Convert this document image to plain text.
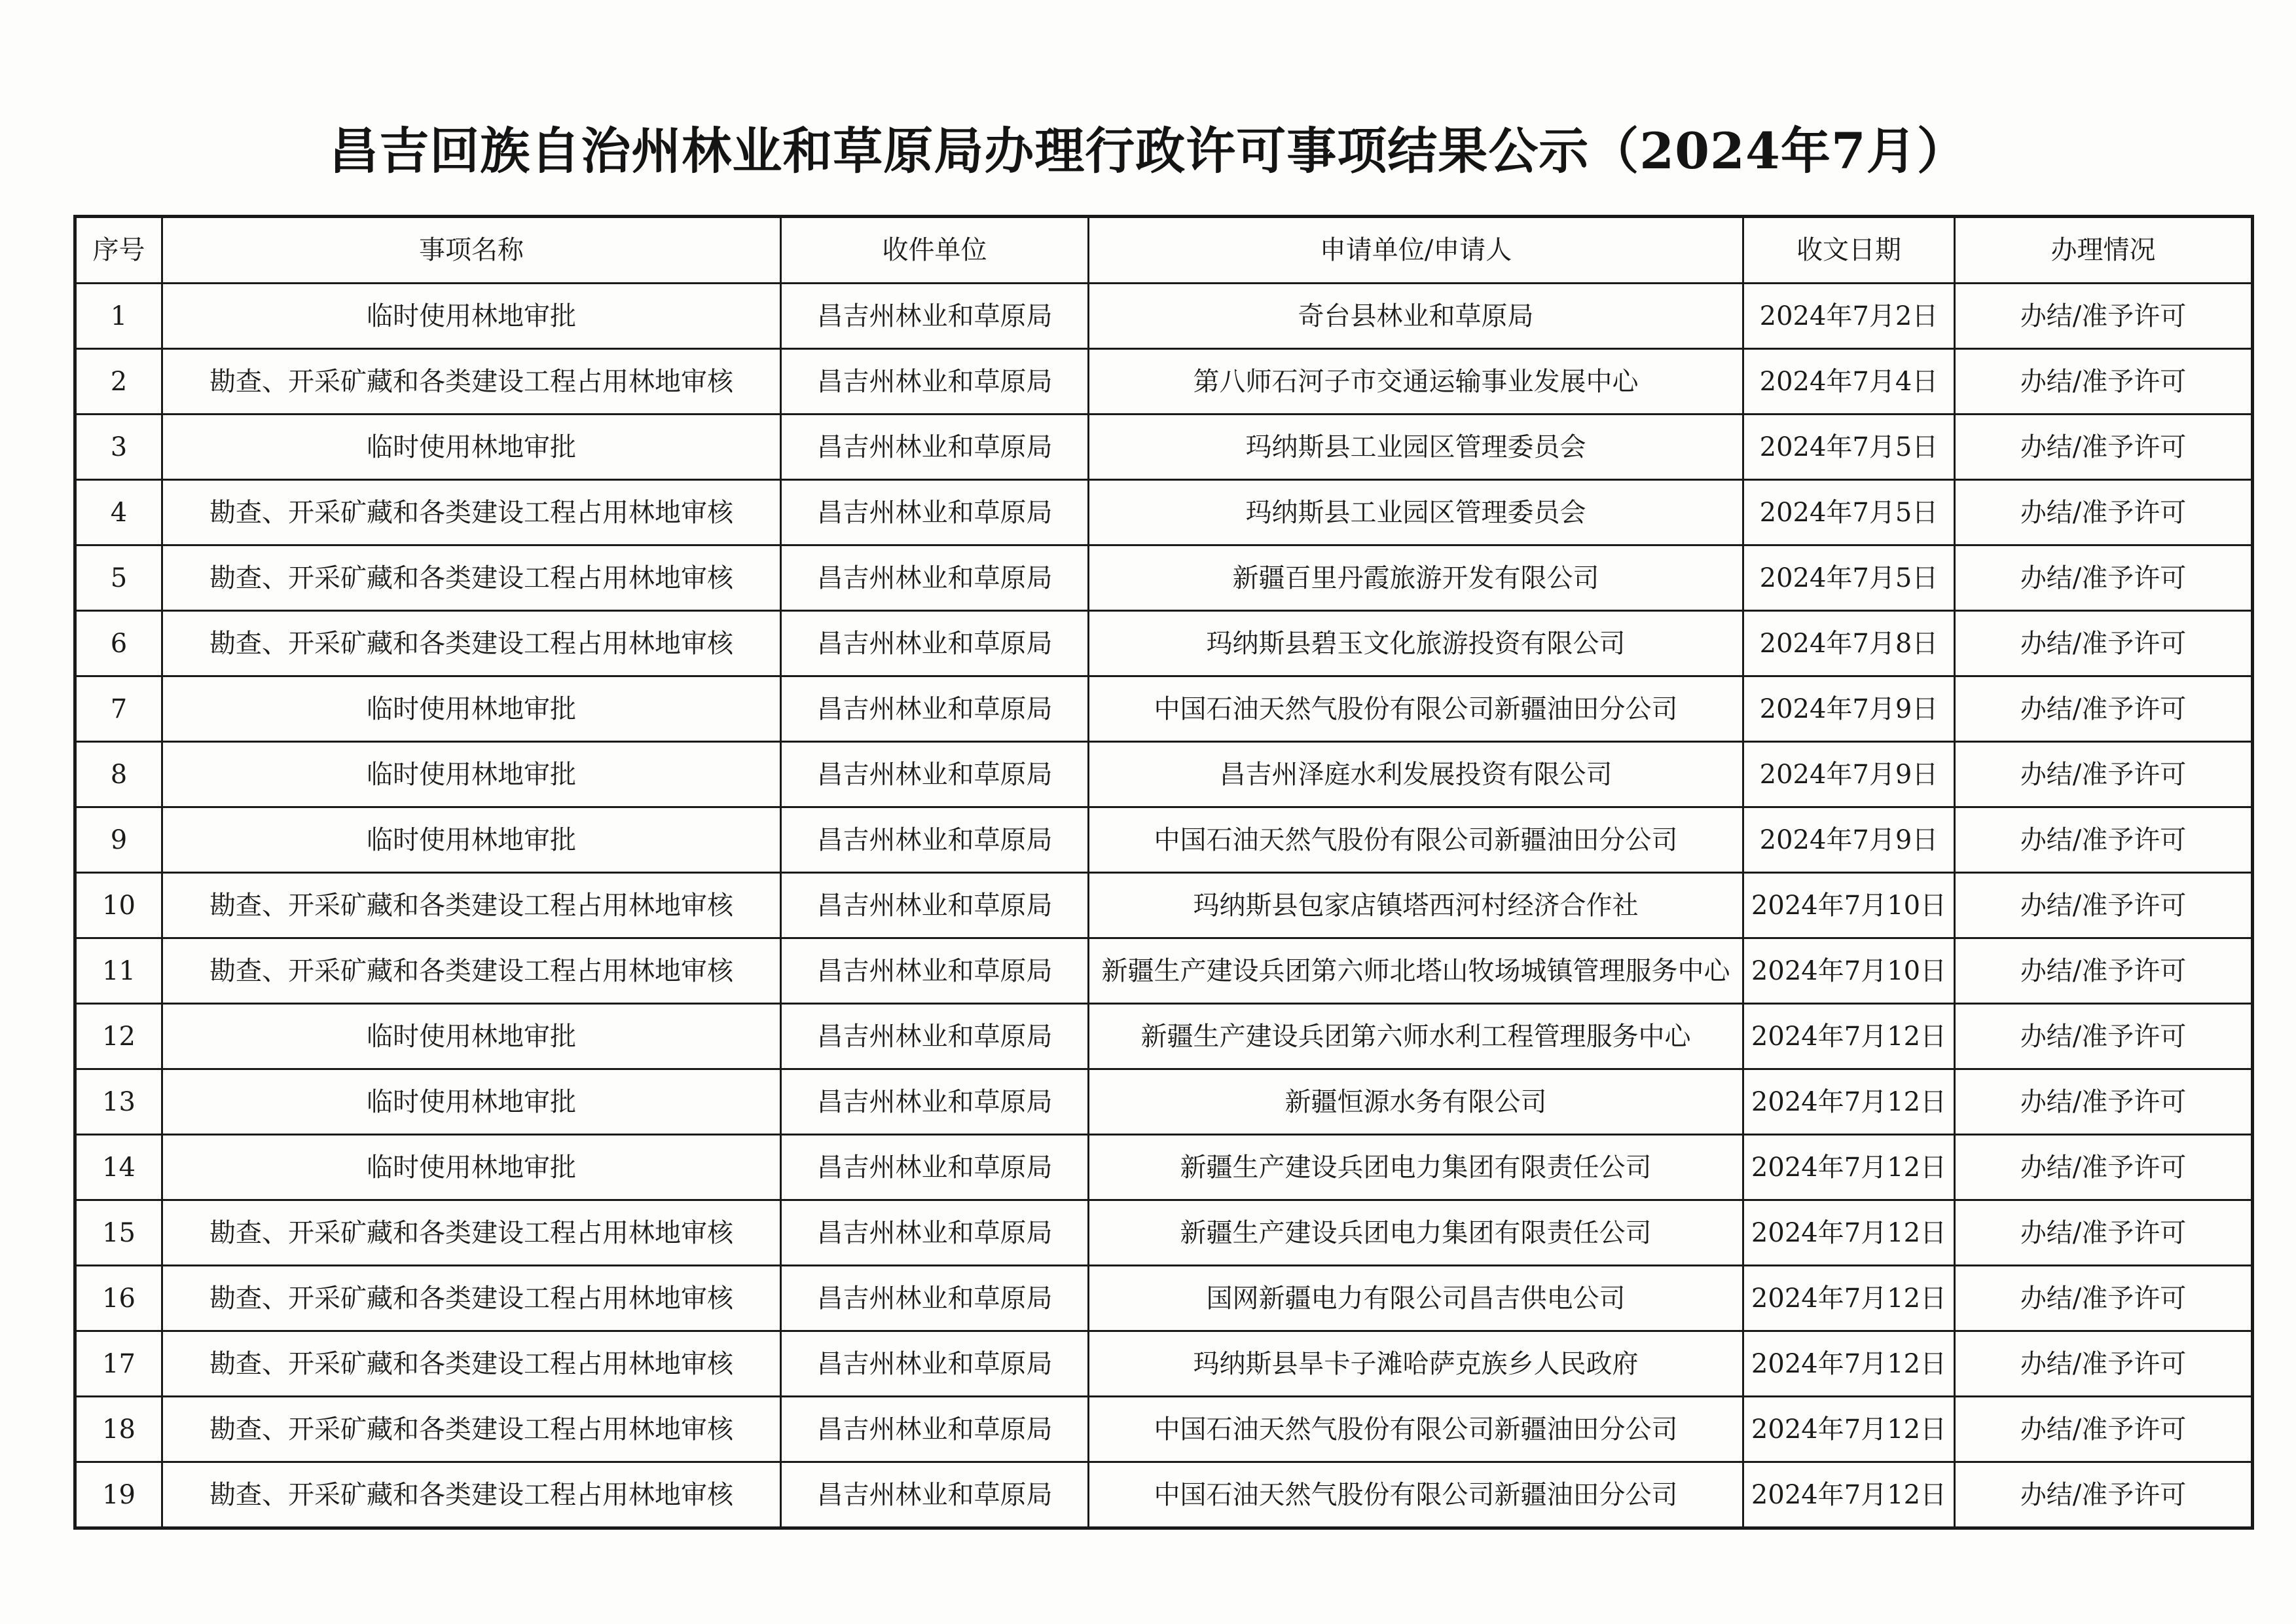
昌吉回族自治州林业和草原局办理行政许可事项结果公示（2024年7月）
序号	事项名称	收件单位	申请单位/申请人	收文日期	办理情况
1	临时使用林地审批	昌吉州林业和草原局	奇台县林业和草原局	2024年7月2日	办结/准予许可
2	勘查、开采矿藏和各类建设工程占用林地审核	昌吉州林业和草原局	第八师石河子市交通运输事业发展中心	2024年7月4日	办结/准予许可
3	临时使用林地审批	昌吉州林业和草原局	玛纳斯县工业园区管理委员会	2024年7月5日	办结/准予许可
4	勘查、开采矿藏和各类建设工程占用林地审核	昌吉州林业和草原局	玛纳斯县工业园区管理委员会	2024年7月5日	办结/准予许可
5	勘查、开采矿藏和各类建设工程占用林地审核	昌吉州林业和草原局	新疆百里丹霞旅游开发有限公司	2024年7月5日	办结/准予许可
6	勘查、开采矿藏和各类建设工程占用林地审核	昌吉州林业和草原局	玛纳斯县碧玉文化旅游投资有限公司	2024年7月8日	办结/准予许可
7	临时使用林地审批	昌吉州林业和草原局	中国石油天然气股份有限公司新疆油田分公司	2024年7月9日	办结/准予许可
8	临时使用林地审批	昌吉州林业和草原局	昌吉州泽庭水利发展投资有限公司	2024年7月9日	办结/准予许可
9	临时使用林地审批	昌吉州林业和草原局	中国石油天然气股份有限公司新疆油田分公司	2024年7月9日	办结/准予许可
10	勘查、开采矿藏和各类建设工程占用林地审核	昌吉州林业和草原局	玛纳斯县包家店镇塔西河村经济合作社	2024年7月10日	办结/准予许可
11	勘查、开采矿藏和各类建设工程占用林地审核	昌吉州林业和草原局	新疆生产建设兵团第六师北塔山牧场城镇管理服务中心	2024年7月10日	办结/准予许可
12	临时使用林地审批	昌吉州林业和草原局	新疆生产建设兵团第六师水利工程管理服务中心	2024年7月12日	办结/准予许可
13	临时使用林地审批	昌吉州林业和草原局	新疆恒源水务有限公司	2024年7月12日	办结/准予许可
14	临时使用林地审批	昌吉州林业和草原局	新疆生产建设兵团电力集团有限责任公司	2024年7月12日	办结/准予许可
15	勘查、开采矿藏和各类建设工程占用林地审核	昌吉州林业和草原局	新疆生产建设兵团电力集团有限责任公司	2024年7月12日	办结/准予许可
16	勘查、开采矿藏和各类建设工程占用林地审核	昌吉州林业和草原局	国网新疆电力有限公司昌吉供电公司	2024年7月12日	办结/准予许可
17	勘查、开采矿藏和各类建设工程占用林地审核	昌吉州林业和草原局	玛纳斯县旱卡子滩哈萨克族乡人民政府	2024年7月12日	办结/准予许可
18	勘查、开采矿藏和各类建设工程占用林地审核	昌吉州林业和草原局	中国石油天然气股份有限公司新疆油田分公司	2024年7月12日	办结/准予许可
19	勘查、开采矿藏和各类建设工程占用林地审核	昌吉州林业和草原局	中国石油天然气股份有限公司新疆油田分公司	2024年7月12日	办结/准予许可
